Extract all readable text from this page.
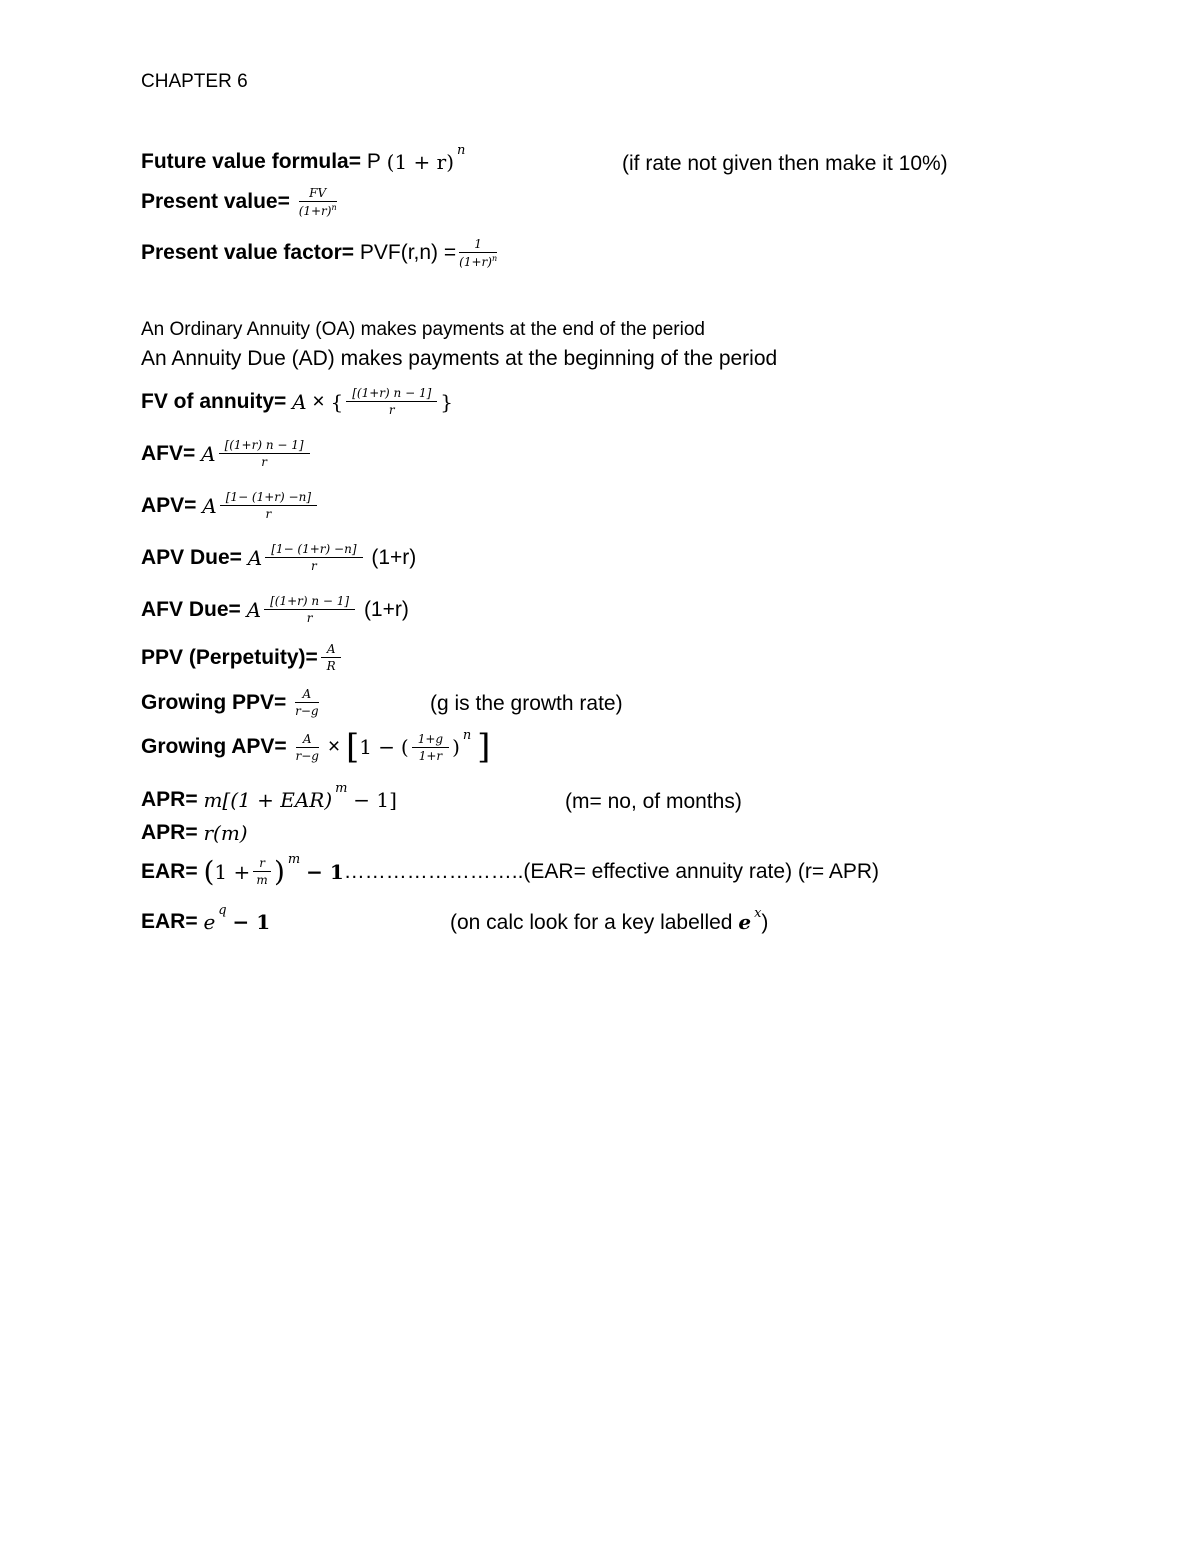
CHAPTER 6
Future value formula=
P
(1 + r) n
(if rate not given then make it 10%)
Present value=
$\frac{FV}{(1+r)^n}$
Present value factor=
$PVF(r,n) = \frac{1}{(1+r)^n}$
An Ordinary Annuity (OA) makes payments at the end of the period
An Annuity Due (AD) makes payments at the beginning of the period
FV of annuity=
A
×
{ $\frac{[(1+r) n - 1]}{r}$ }
AFV=
A $\frac{[(1+r) n - 1]}{r}$
APV=
A $\frac{[1- (1+r) -n]}{r}$
APV Due=
A $\frac{[1- (1+r) -n]}{r}$
(1+r)
AFV Due=
A $\frac{[(1+r) n - 1]}{r}$
(1+r)
PPV (Perpetuity)= $\frac{A}{R}$
Growing PPV=
$\frac{A}{r-g}$	(g is the growth rate)
Growing APV=
$\frac{A}{r-g}$
×
[ 1 −
( $\frac{1+g}{1+r}$ ) n
]
APR=
m[(1 + EAR) m
− 1]	(m= no, of months)
APR=
r(m)
EAR=
( $1 + \frac{r}{m}$ ) m
− 1 ……………………..(EAR= effective annuity rate) (r= APR)
EAR=
e q
− 1	(on calc look for a key labelled e $^x$)
